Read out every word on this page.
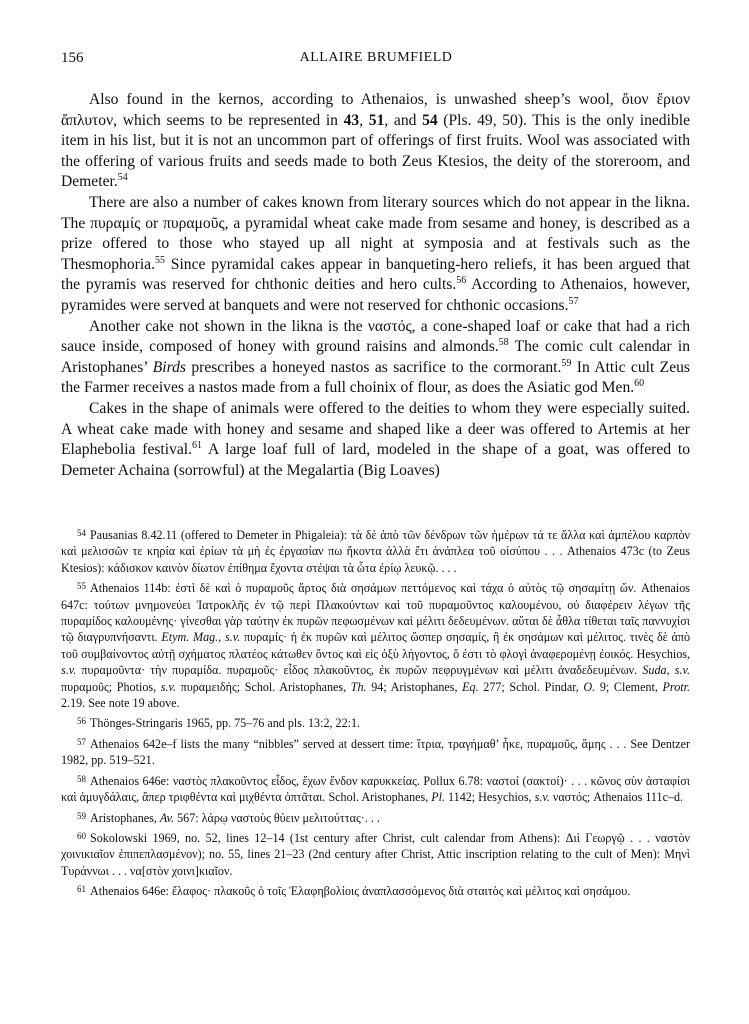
156	ALLAIRE BRUMFIELD

Also found in the kernos, according to Athenaios, is unwashed sheep’s wool, ὄιον ἔριον ἄπλυτον, which seems to be represented in 43, 51, and 54 (Pls. 49, 50). This is the only inedible item in his list, but it is not an uncommon part of offerings of first fruits. Wool was associated with the offering of various fruits and seeds made to both Zeus Ktesios, the deity of the storeroom, and Demeter.$^{54}$

There are also a number of cakes known from literary sources which do not appear in the likna. The πυραμίς or πυραμοῦς, a pyramidal wheat cake made from sesame and honey, is described as a prize offered to those who stayed up all night at symposia and at festivals such as the Thesmophoria.$^{55}$ Since pyramidal cakes appear in banqueting-hero reliefs, it has been argued that the pyramis was reserved for chthonic deities and hero cults.$^{56}$ According to Athenaios, however, pyramides were served at banquets and were not reserved for chthonic occasions.$^{57}$

Another cake not shown in the likna is the ναστός, a cone-shaped loaf or cake that had a rich sauce inside, composed of honey with ground raisins and almonds.$^{58}$ The comic cult calendar in Aristophanes’ Birds prescribes a honeyed nastos as sacrifice to the cormorant.$^{59}$ In Attic cult Zeus the Farmer receives a nastos made from a full choinix of flour, as does the Asiatic god Men.$^{60}$

Cakes in the shape of animals were offered to the deities to whom they were especially suited. A wheat cake made with honey and sesame and shaped like a deer was offered to Artemis at her Elaphebolia festival.$^{61}$ A large loaf full of lard, modeled in the shape of a goat, was offered to Demeter Achaina (sorrowful) at the Megalartia (Big Loaves)

$^{54}$ Pausanias 8.42.11 (offered to Demeter in Phigaleia): τὰ δὲ ἀπὸ τῶν δένδρων τῶν ἡμέρων τά τε ἄλλα καὶ ἀμπέλου καρπὸν καὶ μελισσῶν τε κηρία καὶ ἐρίων τὰ μὴ ἐς ἐργασίαν πω ἥκοντα ἀλλὰ ἔτι ἀνάπλεα τοῦ οἰσύπου . . . Athenaios 473c (to Zeus Ktesios): κάδισκον καινὸν δίωτον ἐπίθημα ἔχοντα στέψαι τὰ ὦτα ἐρίῳ λευκῷ. . . .
$^{55}$ Athenaios 114b: ἐστὶ δὲ καὶ ὁ πυραμοῦς ἄρτος διὰ σησάμων πεττόμενος καὶ τάχα ὁ αὐτὸς τῷ σησαμίτῃ ὤν. Athenaios 647c: τούτων μνημονεύει Ἰατροκλῆς ἐν τῷ περὶ Πλακούντων καὶ τοῦ πυραμοῦντος καλουμένου, οὐ διαφέρειν λέγων τῆς πυραμίδος καλουμένης· γίνεσθαι γὰρ ταύτην ἐκ πυρῶν πεφωσμένων καὶ μέλιτι δεδευμένων. αὕται δὲ ἆθλα τίθεται ταῖς παννυχίσι τῷ διαγρυπνήσαντι. Etym. Mag., s.v. πυραμίς· ἡ ἐκ πυρῶν καὶ μέλιτος ὥσπερ σησαμίς, ἢ ἐκ σησάμων καὶ μέλιτος. τινὲς δὲ ἀπὸ τοῦ συμβαίνοντος αὐτῇ σχήματος πλατέος κάτωθεν ὄντος καὶ εἰς ὀξὺ λήγοντος, ὅ ἐστι τὸ φλογὶ ἀναφερομένῃ ἐοικός. Hesychios, s.v. πυραμοῦντα· τὴν πυραμίδα. πυραμοῦς· εἶδος πλακοῦντος, ἐκ πυρῶν πεφρυγμένων καὶ μέλιτι ἀναδεδευμένων. Suda, s.v. πυραμοῦς; Photios, s.v. πυραμειδής; Schol. Aristophanes, Th. 94; Aristophanes, Eq. 277; Schol. Pindar, O. 9; Clement, Protr. 2.19. See note 19 above.
$^{56}$ Thönges-Stringaris 1965, pp. 75–76 and pls. 13:2, 22:1.
$^{57}$ Athenaios 642e–f lists the many “nibbles” served at dessert time: ἴτρια, τραγήμαθ’ ἧκε, πυραμοῦς, ἅμης . . . See Dentzer 1982, pp. 519–521.
$^{58}$ Athenaios 646e: ναστὸς πλακοῦντος εἶδος, ἔχων ἔνδον καρυκκείας. Pollux 6.78: ναστοί (σακτοί)· . . . κῶνος σὺν ἀσταφίσι καὶ ἀμυγδάλαις, ἅπερ τριφθέντα καὶ μιχθέντα ὀπτᾶται. Schol. Aristophanes, Pl. 1142; Hesychios, s.v. ναστός; Athenaios 111c–d.
$^{59}$ Aristophanes, Av. 567: λάρῳ ναστοὺς θύειν μελιτούττας·. . .
$^{60}$ Sokolowski 1969, no. 52, lines 12–14 (1st century after Christ, cult calendar from Athens): Διὶ Γεωργῷ . . . ναστὸν χοινικιαῖον ἐπιπεπλασμένον); no. 55, lines 21–23 (2nd century after Christ, Attic inscription relating to the cult of Men): Μηνὶ Τυράννωι . . . να[στὸν χοινι]κιαῖον.
$^{61}$ Athenaios 646e: ἔλαφος· πλακοῦς ὁ τοῖς Ἐλαφηβολίοις ἀναπλασσόμενος διὰ σταιτὸς καὶ μέλιτος καὶ σησάμου.
